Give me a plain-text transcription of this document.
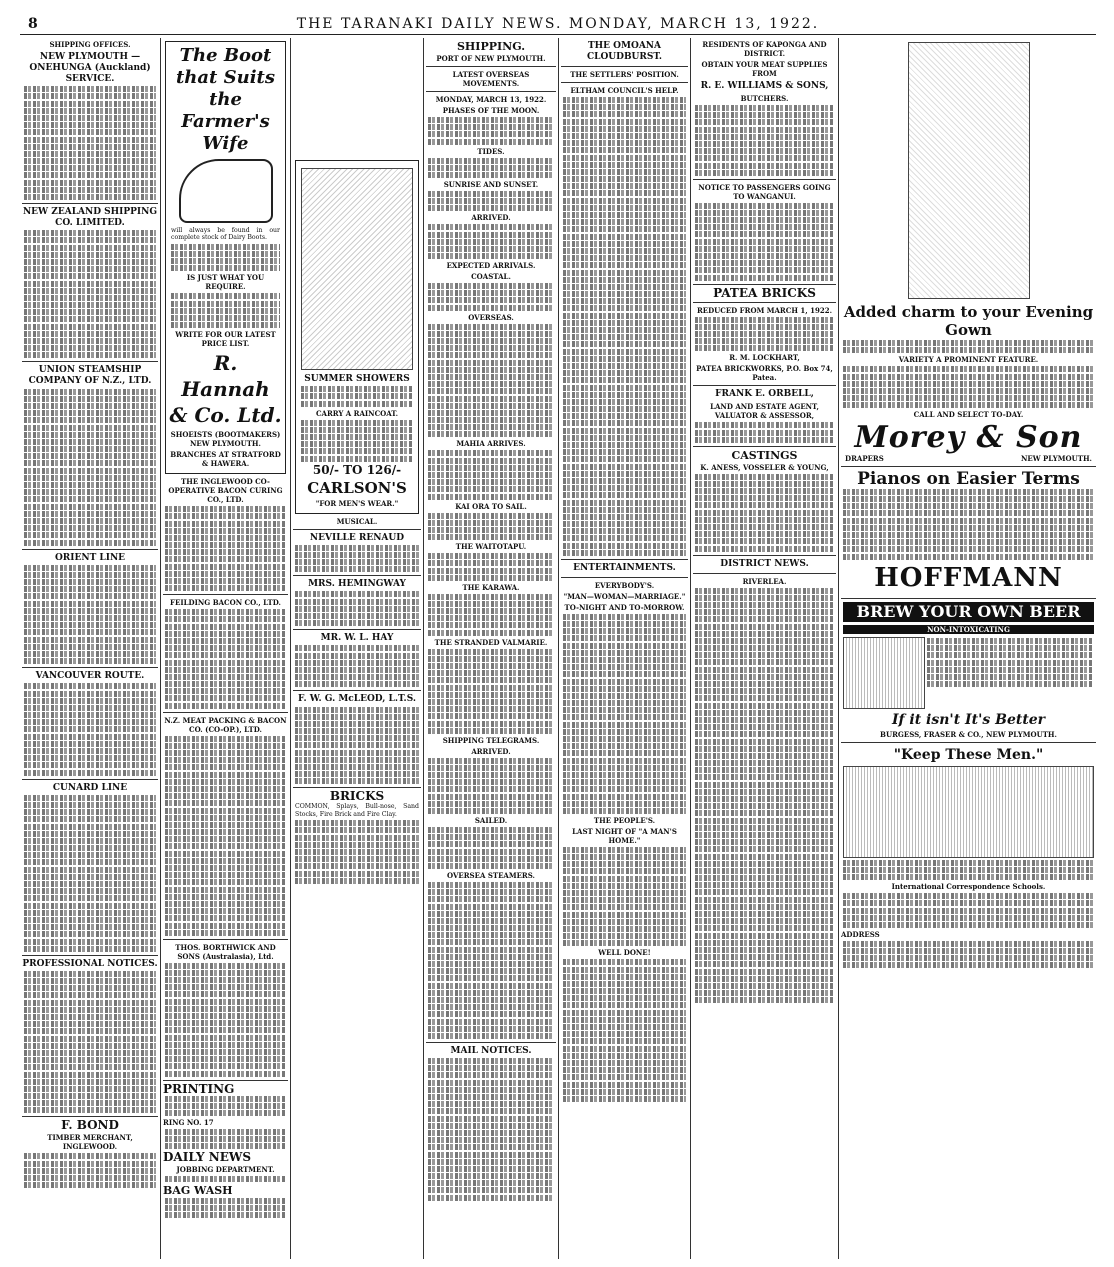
8	THE TARANAKI DAILY NEWS. MONDAY, MARCH 13, 1922.
SHIPPING OFFICES.
NEW PLYMOUTH — ONEHUNGA (Auckland) SERVICE.
NEW ZEALAND SHIPPING CO. LIMITED.
UNION STEAMSHIP COMPANY OF N.Z., LTD.
ORIENT LINE
VANCOUVER ROUTE.
CUNARD LINE
PROFESSIONAL NOTICES.
F. BOND
TIMBER MERCHANT, INGLEWOOD.
The Boot that Suits the Farmer's Wife
will always be found in our complete stock of Dairy Boots.
IS JUST WHAT YOU REQUIRE.
WRITE FOR OUR LATEST PRICE LIST.
R. Hannah & Co. Ltd.
SHOEISTS (BOOTMAKERS) NEW PLYMOUTH.
BRANCHES AT STRATFORD & HAWERA.
THE INGLEWOOD CO-OPERATIVE BACON CURING CO., LTD.
FEILDING BACON CO., LTD.
N.Z. MEAT PACKING & BACON CO. (CO-OP.), LTD.
THOS. BORTHWICK AND SONS (Australasia), Ltd.
PRINTING
RING NO. 17
DAILY NEWS
JOBBING DEPARTMENT.
BAG WASH
SUMMER SHOWERS
CARRY A RAINCOAT.
50/- TO 126/-
CARLSON'S
"FOR MEN'S WEAR."
MUSICAL.
NEVILLE RENAUD
MRS. HEMINGWAY
MR. W. L. HAY
F. W. G. McLEOD, L.T.S.
BRICKS
COMMON, Splays, Bull-nose, Sand Stocks, Fire Brick and Fire Clay.
SHIPPING.
PORT OF NEW PLYMOUTH.
LATEST OVERSEAS MOVEMENTS.
MONDAY, MARCH 13, 1922.
PHASES OF THE MOON.
TIDES.
SUNRISE AND SUNSET.
ARRIVED.
EXPECTED ARRIVALS.
COASTAL.
OVERSEAS.
MAHIA ARRIVES.
KAI ORA TO SAIL.
THE WAITOTAPU.
THE KARAWA.
THE STRANDED VALMARIE.
SHIPPING TELEGRAMS.
ARRIVED.
SAILED.
OVERSEA STEAMERS.
MAIL NOTICES.
THE OMOANA CLOUDBURST.
THE SETTLERS' POSITION.
ELTHAM COUNCIL'S HELP.
ENTERTAINMENTS.
EVERYBODY'S.
"MAN—WOMAN—MARRIAGE."
TO-NIGHT AND TO-MORROW.
THE PEOPLE'S.
LAST NIGHT OF "A MAN'S HOME."
WELL DONE!
RESIDENTS OF KAPONGA AND DISTRICT.
OBTAIN YOUR MEAT SUPPLIES FROM
R. E. WILLIAMS & SONS,
BUTCHERS.
NOTICE TO PASSENGERS GOING TO WANGANUI.
PATEA BRICKS
REDUCED FROM MARCH 1, 1922.
R. M. LOCKHART,
PATEA BRICKWORKS, P.O. Box 74, Patea.
FRANK E. ORBELL,
LAND AND ESTATE AGENT, VALUATOR & ASSESSOR,
CASTINGS
K. ANESS, VOSSELER & YOUNG,
DISTRICT NEWS.
RIVERLEA.
Added charm to your Evening Gown
VARIETY A PROMINENT FEATURE.
CALL AND SELECT TO-DAY.
Morey & Son
DRAPERS	NEW PLYMOUTH.
Pianos on Easier Terms
HOFFMANN
BREW YOUR OWN BEER
NON-INTOXICATING
If it isn't It's Better
BURGESS, FRASER & CO., NEW PLYMOUTH.
"Keep These Men."
International Correspondence Schools.
ADDRESS
